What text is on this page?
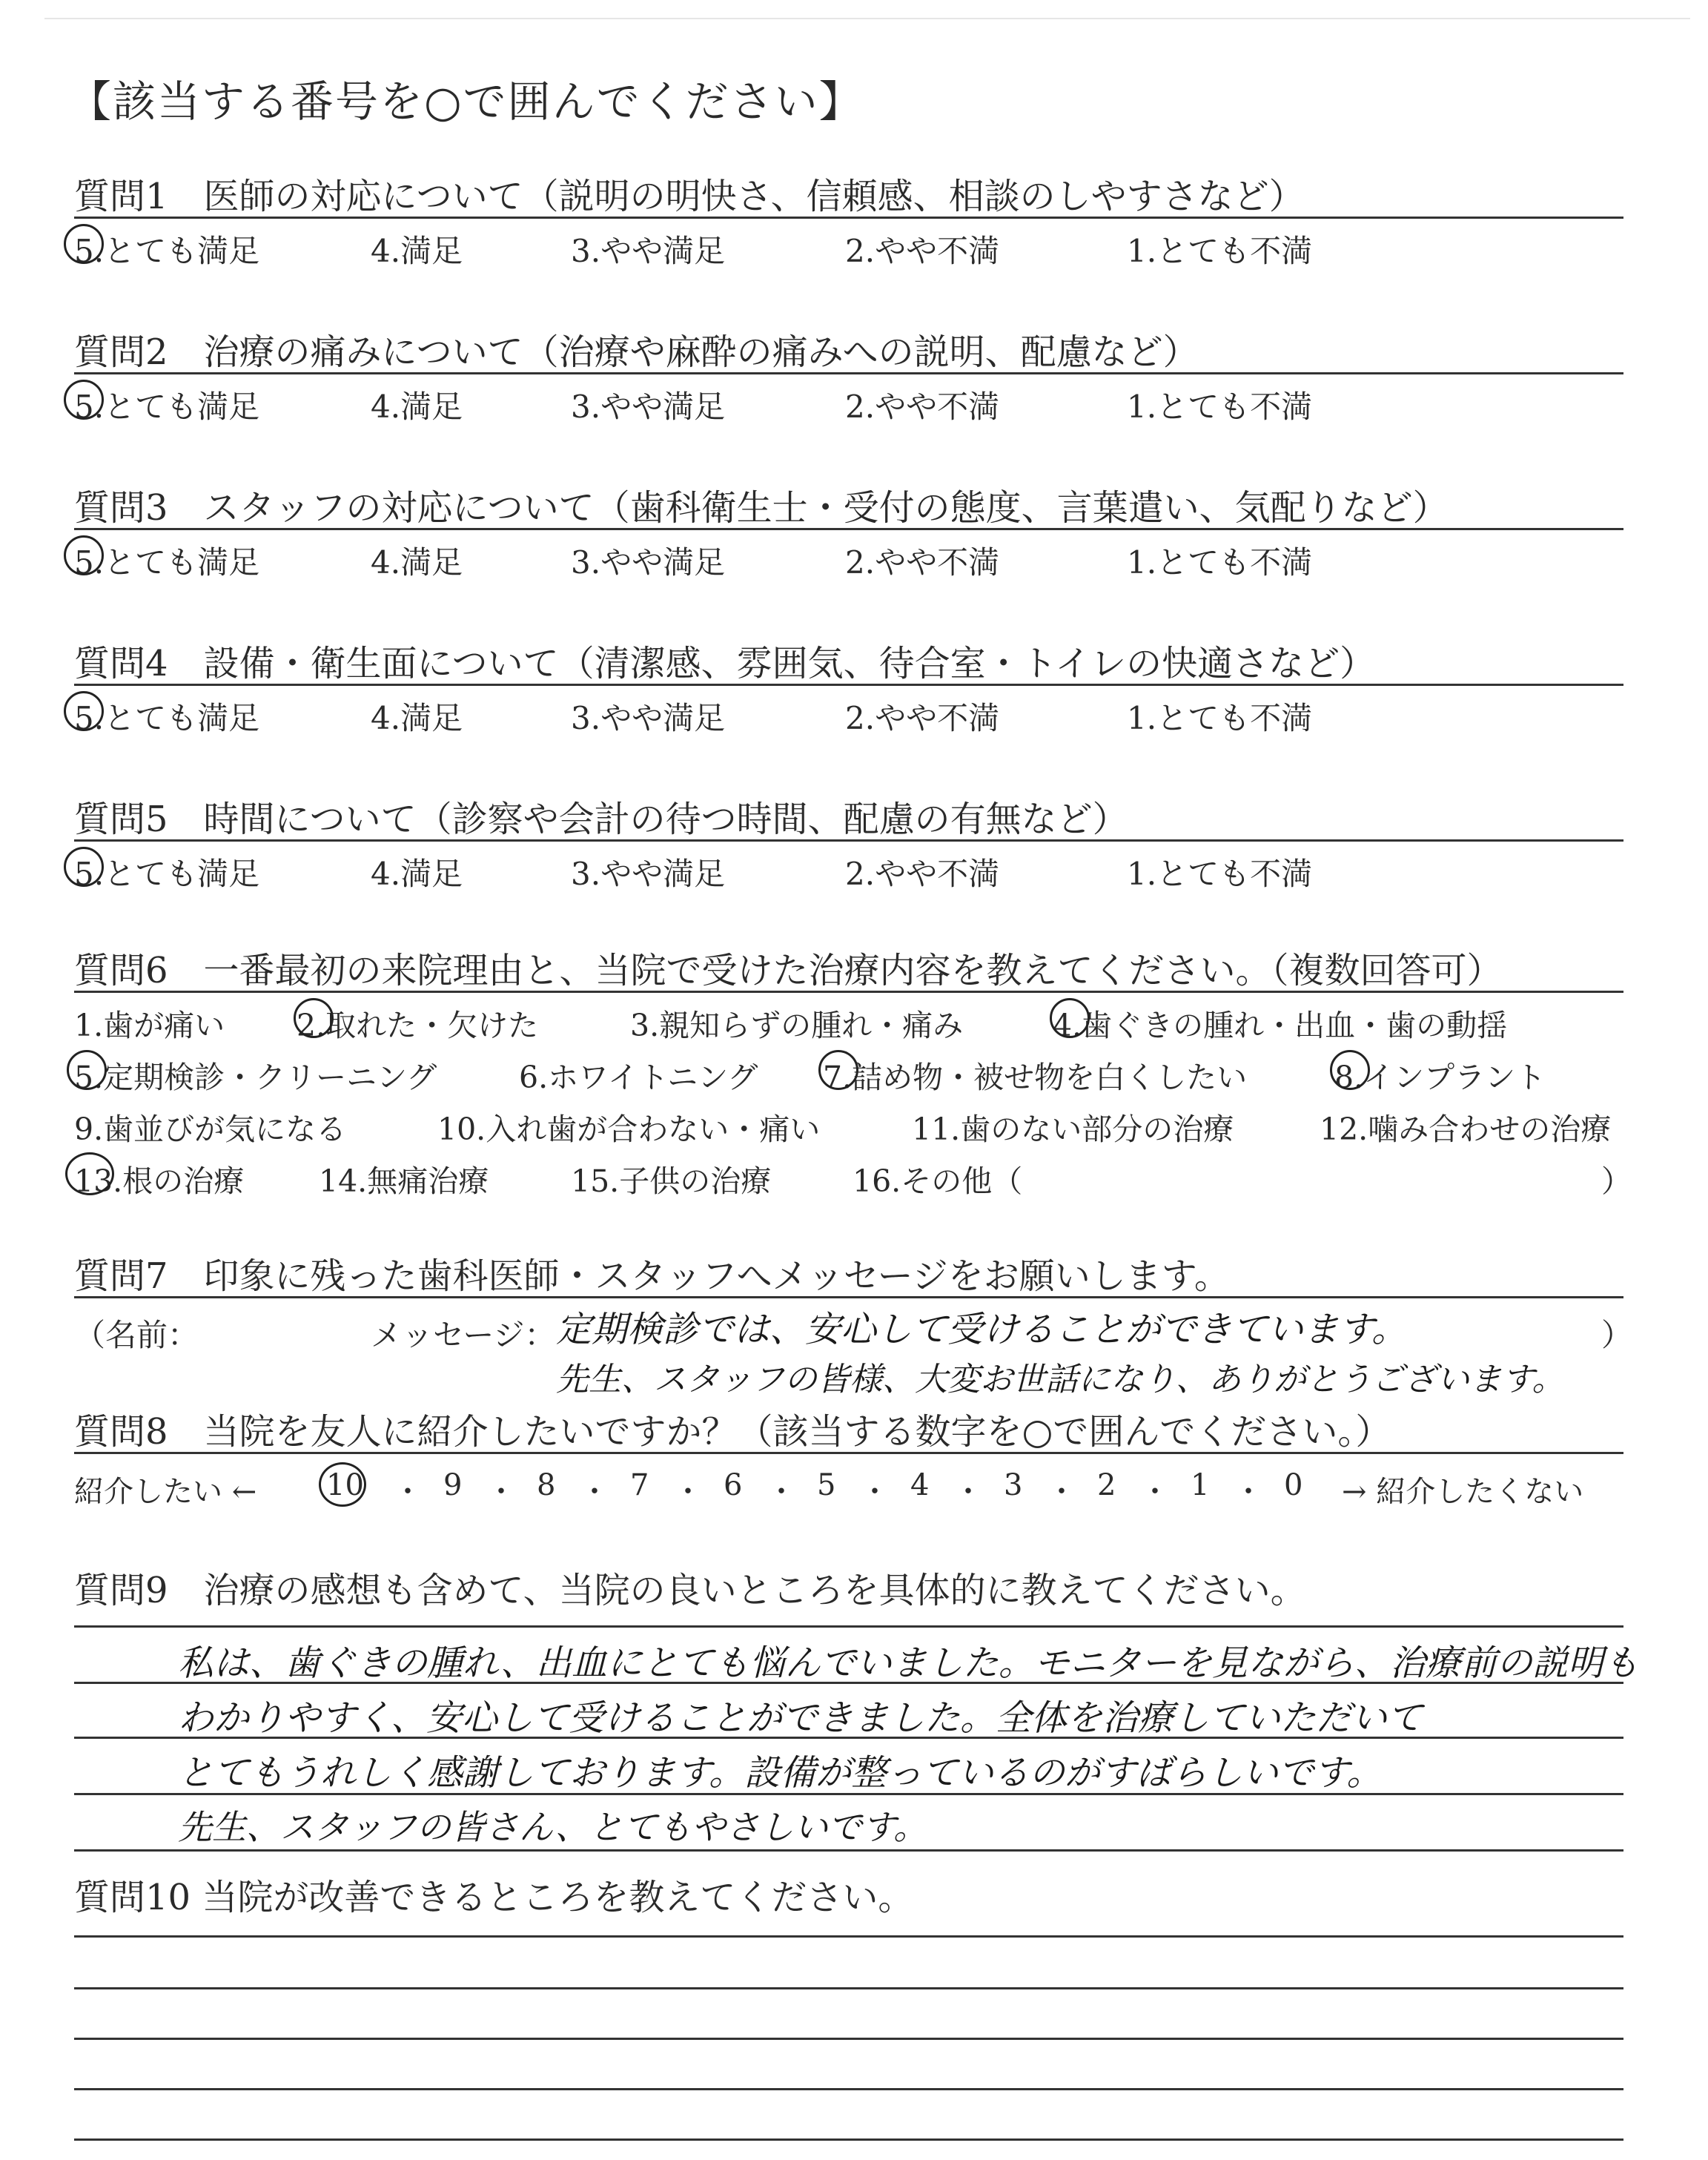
【該当する番号を○で囲んでください】
質問1　医師の対応について（説明の明快さ、信頼感、相談のしやすさなど）
5.とても満足	4.満足	3.やや満足	2.やや不満	1.とても不満
質問2　治療の痛みについて（治療や麻酔の痛みへの説明、配慮など）
5.とても満足	4.満足	3.やや満足	2.やや不満	1.とても不満
質問3　スタッフの対応について（歯科衛生士・受付の態度、言葉遣い、気配りなど）
5.とても満足	4.満足	3.やや満足	2.やや不満	1.とても不満
質問4　設備・衛生面について（清潔感、雰囲気、待合室・トイレの快適さなど）
5.とても満足	4.満足	3.やや満足	2.やや不満	1.とても不満
質問5　時間について（診察や会計の待つ時間、配慮の有無など）
5.とても満足	4.満足	3.やや満足	2.やや不満	1.とても不満
質問6　一番最初の来院理由と、当院で受けた治療内容を教えてください。（複数回答可）
1.歯が痛い 2.取れた・欠けた	3.親知らずの腫れ・痛み	4.歯ぐきの腫れ・出血・歯の動揺
5.定期検診・クリーニング	6.ホワイトニング 7.詰め物・被せ物を白くしたい	8.インプラント
9.歯並びが気になる	10.入れ歯が合わない・痛い	11.歯のない部分の治療	12.噛み合わせの治療
13.根の治療 14.無痛治療	15.子供の治療	16.その他（	）
質問7　印象に残った歯科医師・スタッフへメッセージをお願いします。
（名前：	メッセージ：	）
定期検診では、安心して受けることができています。
先生、スタッフの皆様、大変お世話になり、ありがとうございます。
質問8　当院を友人に紹介したいですか？（該当する数字を○で囲んでください。）
紹介したい ← 10 ・ 9 ・ 8 ・ 7 ・ 6 ・ 5 ・ 4 ・ 3 ・ 2 ・ 1 ・ 0 → 紹介したくない
質問9　治療の感想も含めて、当院の良いところを具体的に教えてください。
私は、歯ぐきの腫れ、出血にとても悩んでいました。モニターを見ながら、治療前の説明も
わかりやすく、安心して受けることができました。全体を治療していただいて
とてもうれしく感謝しております。設備が整っているのがすばらしいです。
先生、スタッフの皆さん、とてもやさしいです。
質問10 当院が改善できるところを教えてください。
